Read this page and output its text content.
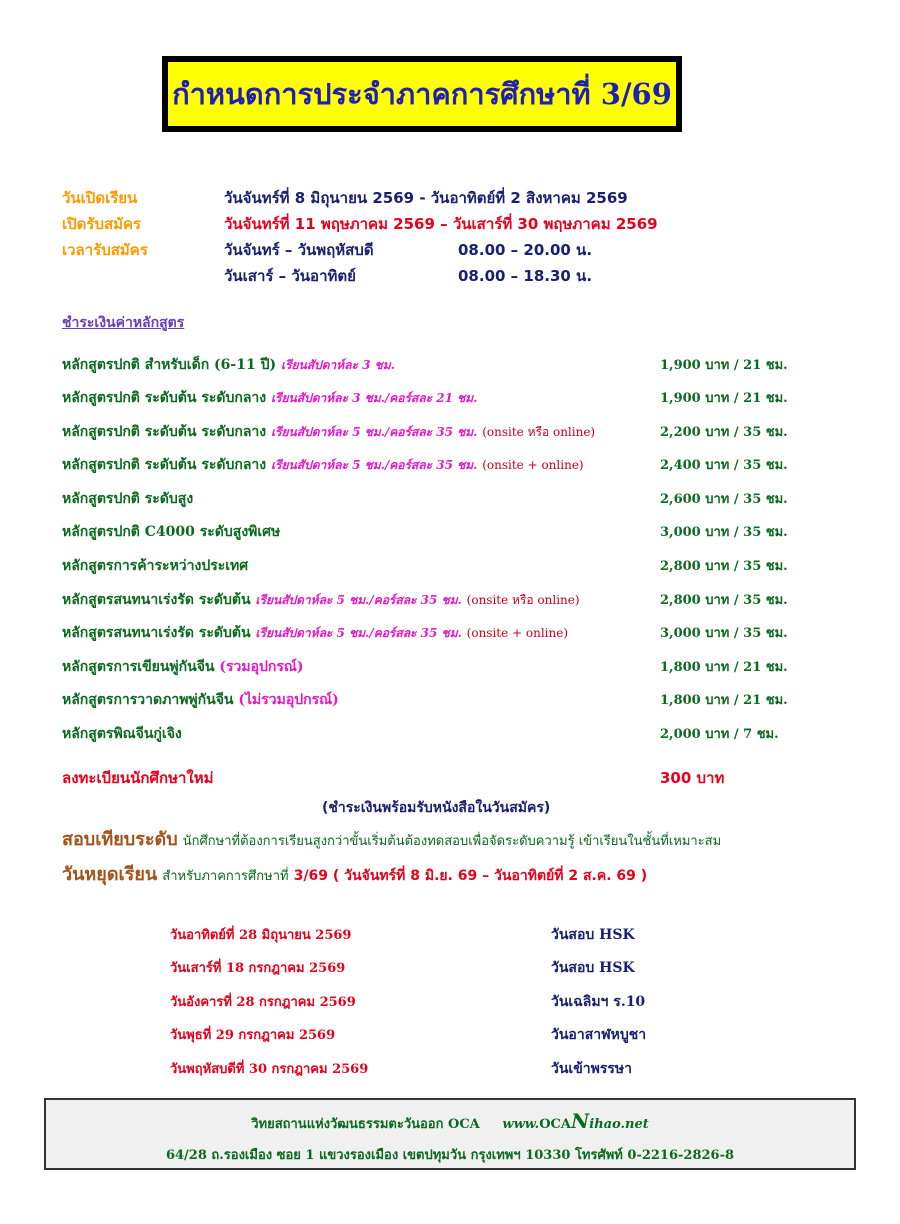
กำหนดการประจำภาคการศึกษาที่ 3/69
วันเปิดเรียน	วันจันทร์ที่ 8 มิถุนายน 2569 - วันอาทิตย์ที่ 2 สิงหาคม 2569
เปิดรับสมัคร	วันจันทร์ที่ 11 พฤษภาคม 2569 – วันเสาร์ที่ 30 พฤษภาคม 2569
เวลารับสมัคร	วันจันทร์ – วันพฤหัสบดี	08.00 – 20.00 น.
วันเสาร์ – วันอาทิตย์	08.00 – 18.30 น.
ชำระเงินค่าหลักสูตร
หลักสูตรปกติ สำหรับเด็ก (6-11 ปี) เรียนสัปดาห์ละ 3 ชม.	1,900 บาท / 21 ชม.
หลักสูตรปกติ ระดับต้น ระดับกลาง เรียนสัปดาห์ละ 3 ชม./คอร์สละ 21 ชม.	1,900 บาท / 21 ชม.
หลักสูตรปกติ ระดับต้น ระดับกลาง เรียนสัปดาห์ละ 5 ชม./คอร์สละ 35 ชม. (onsite หรือ online)	2,200 บาท / 35 ชม.
หลักสูตรปกติ ระดับต้น ระดับกลาง เรียนสัปดาห์ละ 5 ชม./คอร์สละ 35 ชม. (onsite + online)	2,400 บาท / 35 ชม.
หลักสูตรปกติ ระดับสูง	2,600 บาท / 35 ชม.
หลักสูตรปกติ C4000 ระดับสูงพิเศษ	3,000 บาท / 35 ชม.
หลักสูตรการค้าระหว่างประเทศ	2,800 บาท / 35 ชม.
หลักสูตรสนทนาเร่งรัด ระดับต้น เรียนสัปดาห์ละ 5 ชม./คอร์สละ 35 ชม. (onsite หรือ online)	2,800 บาท / 35 ชม.
หลักสูตรสนทนาเร่งรัด ระดับต้น เรียนสัปดาห์ละ 5 ชม./คอร์สละ 35 ชม. (onsite + online)	3,000 บาท / 35 ชม.
หลักสูตรการเขียนพู่กันจีน (รวมอุปกรณ์)	1,800 บาท / 21 ชม.
หลักสูตรการวาดภาพพู่กันจีน (ไม่รวมอุปกรณ์)	1,800 บาท / 21 ชม.
หลักสูตรพิณจีนกู่เจิง	2,000 บาท / 7 ชม.
ลงทะเบียนนักศึกษาใหม่	300 บาท
(ชำระเงินพร้อมรับหนังสือในวันสมัคร)
สอบเทียบระดับ นักศึกษาที่ต้องการเรียนสูงกว่าขั้นเริ่มต้นต้องทดสอบเพื่อจัดระดับความรู้ เข้าเรียนในชั้นที่เหมาะสม
วันหยุดเรียน สำหรับภาคการศึกษาที่ 3/69 ( วันจันทร์ที่ 8 มิ.ย. 69 – วันอาทิตย์ที่ 2 ส.ค. 69 )
วันอาทิตย์ที่ 28 มิถุนายน 2569	วันสอบ HSK
วันเสาร์ที่ 18 กรกฎาคม 2569	วันสอบ HSK
วันอังคารที่ 28 กรกฎาคม 2569	วันเฉลิมฯ ร.10
วันพุธที่ 29 กรกฎาคม 2569	วันอาสาฬหบูชา
วันพฤหัสบดีที่ 30 กรกฎาคม 2569	วันเข้าพรรษา
วิทยสถานแห่งวัฒนธรรมตะวันออก OCA www.OCANihao.net
64/28 ถ.รองเมือง ซอย 1 แขวงรองเมือง เขตปทุมวัน กรุงเทพฯ 10330 โทรศัพท์ 0-2216-2826-8
